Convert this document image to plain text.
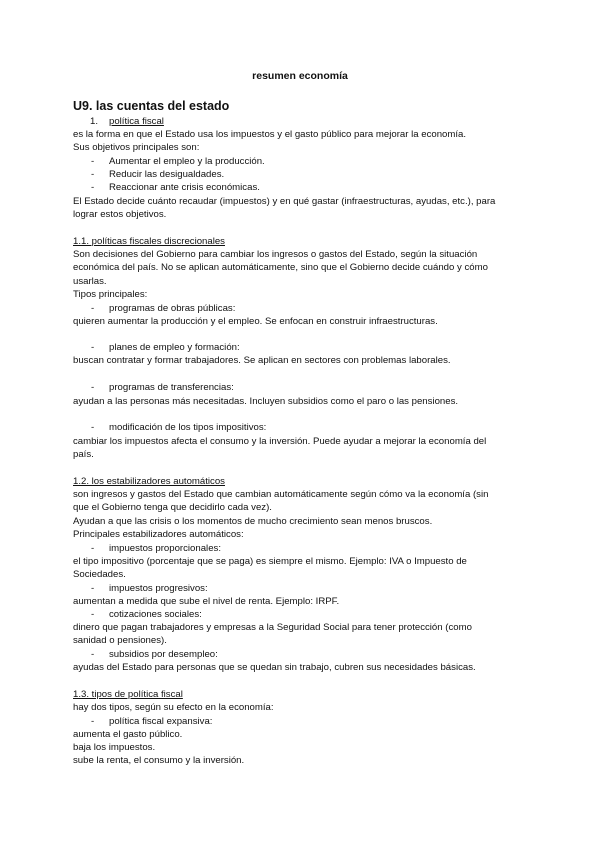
resumen economía
U9. las cuentas del estado
1. política fiscal
es la forma en que el Estado usa los impuestos y el gasto público para mejorar la economía.
Sus objetivos principales son:
- Aumentar el empleo y la producción.
- Reducir las desigualdades.
- Reaccionar ante crisis económicas.
El Estado decide cuánto recaudar (impuestos) y en qué gastar (infraestructuras, ayudas, etc.), para
lograr estos objetivos.
1.1. políticas fiscales discrecionales
Son decisiones del Gobierno para cambiar los ingresos o gastos del Estado, según la situación
económica del país. No se aplican automáticamente, sino que el Gobierno decide cuándo y cómo
usarlas.
Tipos principales:
- programas de obras públicas:
quieren aumentar la producción y el empleo. Se enfocan en construir infraestructuras.
- planes de empleo y formación:
buscan contratar y formar trabajadores. Se aplican en sectores con problemas laborales.
- programas de transferencias:
ayudan a las personas más necesitadas. Incluyen subsidios como el paro o las pensiones.
- modificación de los tipos impositivos:
cambiar los impuestos afecta el consumo y la inversión. Puede ayudar a mejorar la economía del
país.
1.2. los estabilizadores automáticos
son ingresos y gastos del Estado que cambian automáticamente según cómo va la economía (sin
que el Gobierno tenga que decidirlo cada vez).
Ayudan a que las crisis o los momentos de mucho crecimiento sean menos bruscos.
Principales estabilizadores automáticos:
- impuestos proporcionales:
el tipo impositivo (porcentaje que se paga) es siempre el mismo. Ejemplo: IVA o Impuesto de
Sociedades.
- impuestos progresivos:
aumentan a medida que sube el nivel de renta. Ejemplo: IRPF.
- cotizaciones sociales:
dinero que pagan trabajadores y empresas a la Seguridad Social para tener protección (como
sanidad o pensiones).
- subsidios por desempleo:
ayudas del Estado para personas que se quedan sin trabajo, cubren sus necesidades básicas.
1.3. tipos de política fiscal
hay dos tipos, según su efecto en la economía:
- política fiscal expansiva:
aumenta el gasto público.
baja los impuestos.
sube la renta, el consumo y la inversión.
